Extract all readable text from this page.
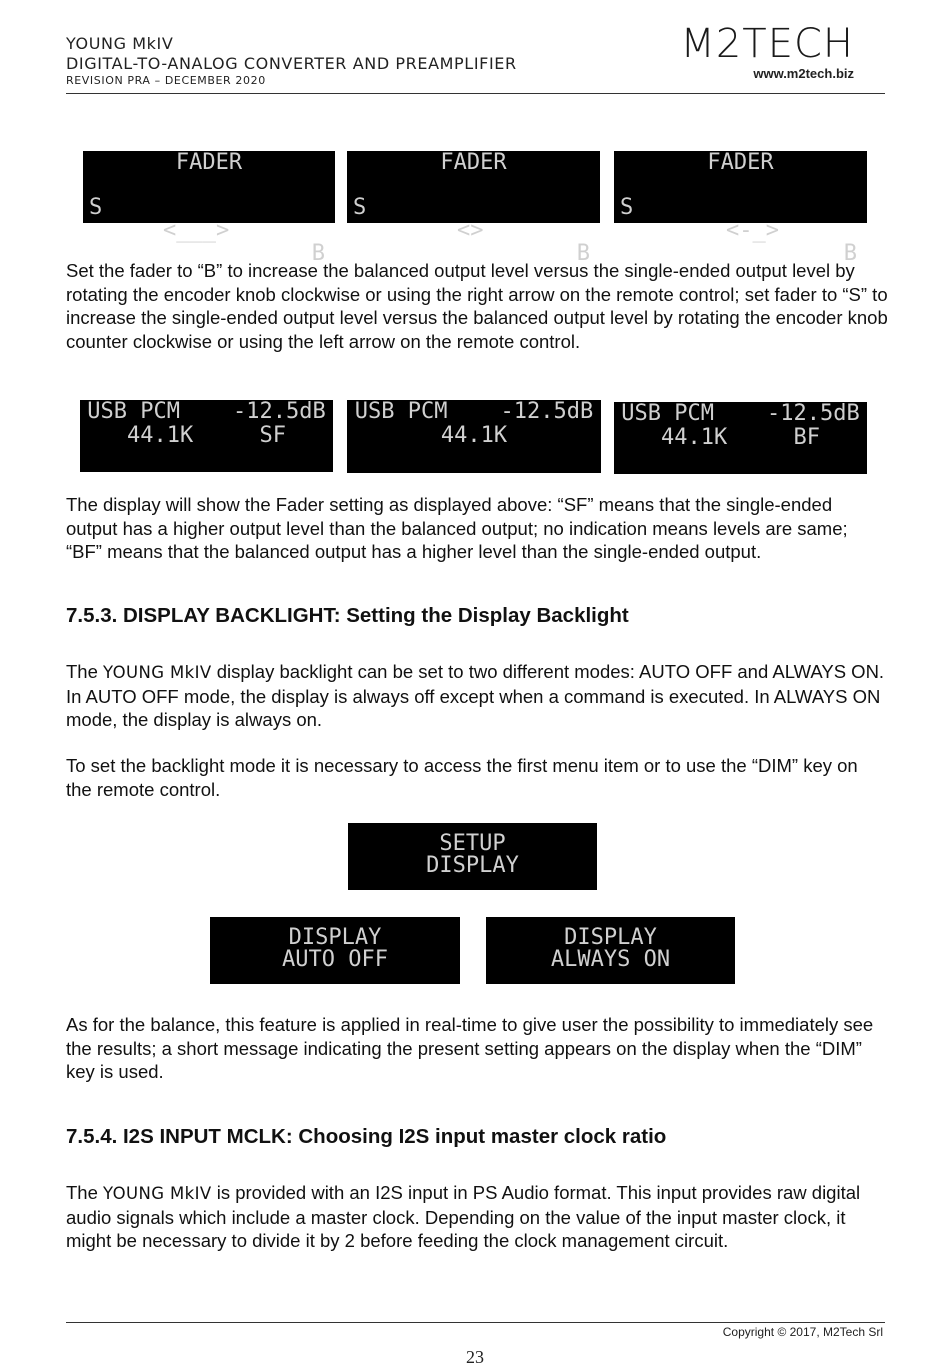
YOUNG MkIV
DIGITAL-TO-ANALOG CONVERTER AND PREAMPLIFIER
REVISION PRA – DECEMBER 2020
M2TECH
www.m2tech.biz
FADER

S

<___>

B

FADER

S

<>

B

FADER

S

<-_>

B

Set the fader to “B” to increase the balanced output level versus the single-ended output level by rotating the encoder knob clockwise or using the right arrow on the remote control; set fader to “S” to increase the single-ended output level versus the balanced output level by rotating the encoder knob counter clockwise or using the left arrow on the remote control.
USB PCM    -12.5dB
44.1K     SF
USB PCM    -12.5dB
44.1K
USB PCM    -12.5dB
44.1K     BF
The display will show the Fader setting as displayed above: “SF” means that the single-ended output has a higher output level than the balanced output; no indication means levels are same; “BF” means that the balanced output has a higher level than the single-ended output.
7.5.3. DISPLAY BACKLIGHT: Setting the Display Backlight
The YOUNG MkIV display backlight can be set to two different modes: AUTO OFF and ALWAYS ON. In AUTO OFF mode, the display is always off except when a command is executed. In ALWAYS ON mode, the display is always on.
To set the backlight mode it is necessary to access the first menu item or to use the “DIM” key on the remote control.
SETUP
DISPLAY
DISPLAY
AUTO OFF
DISPLAY
ALWAYS ON
As for the balance, this feature is applied in real-time to give user the possibility to immediately see the results; a short message indicating the present setting appears on the display when the “DIM” key is used.
7.5.4. I2S INPUT MCLK: Choosing I2S input master clock ratio
The YOUNG MkIV is provided with an I2S input in PS Audio format. This input provides raw digital audio signals which include a master clock. Depending on the value of the input master clock, it might be necessary to divide it by 2 before feeding the clock management circuit.
Copyright © 2017, M2Tech Srl
23
